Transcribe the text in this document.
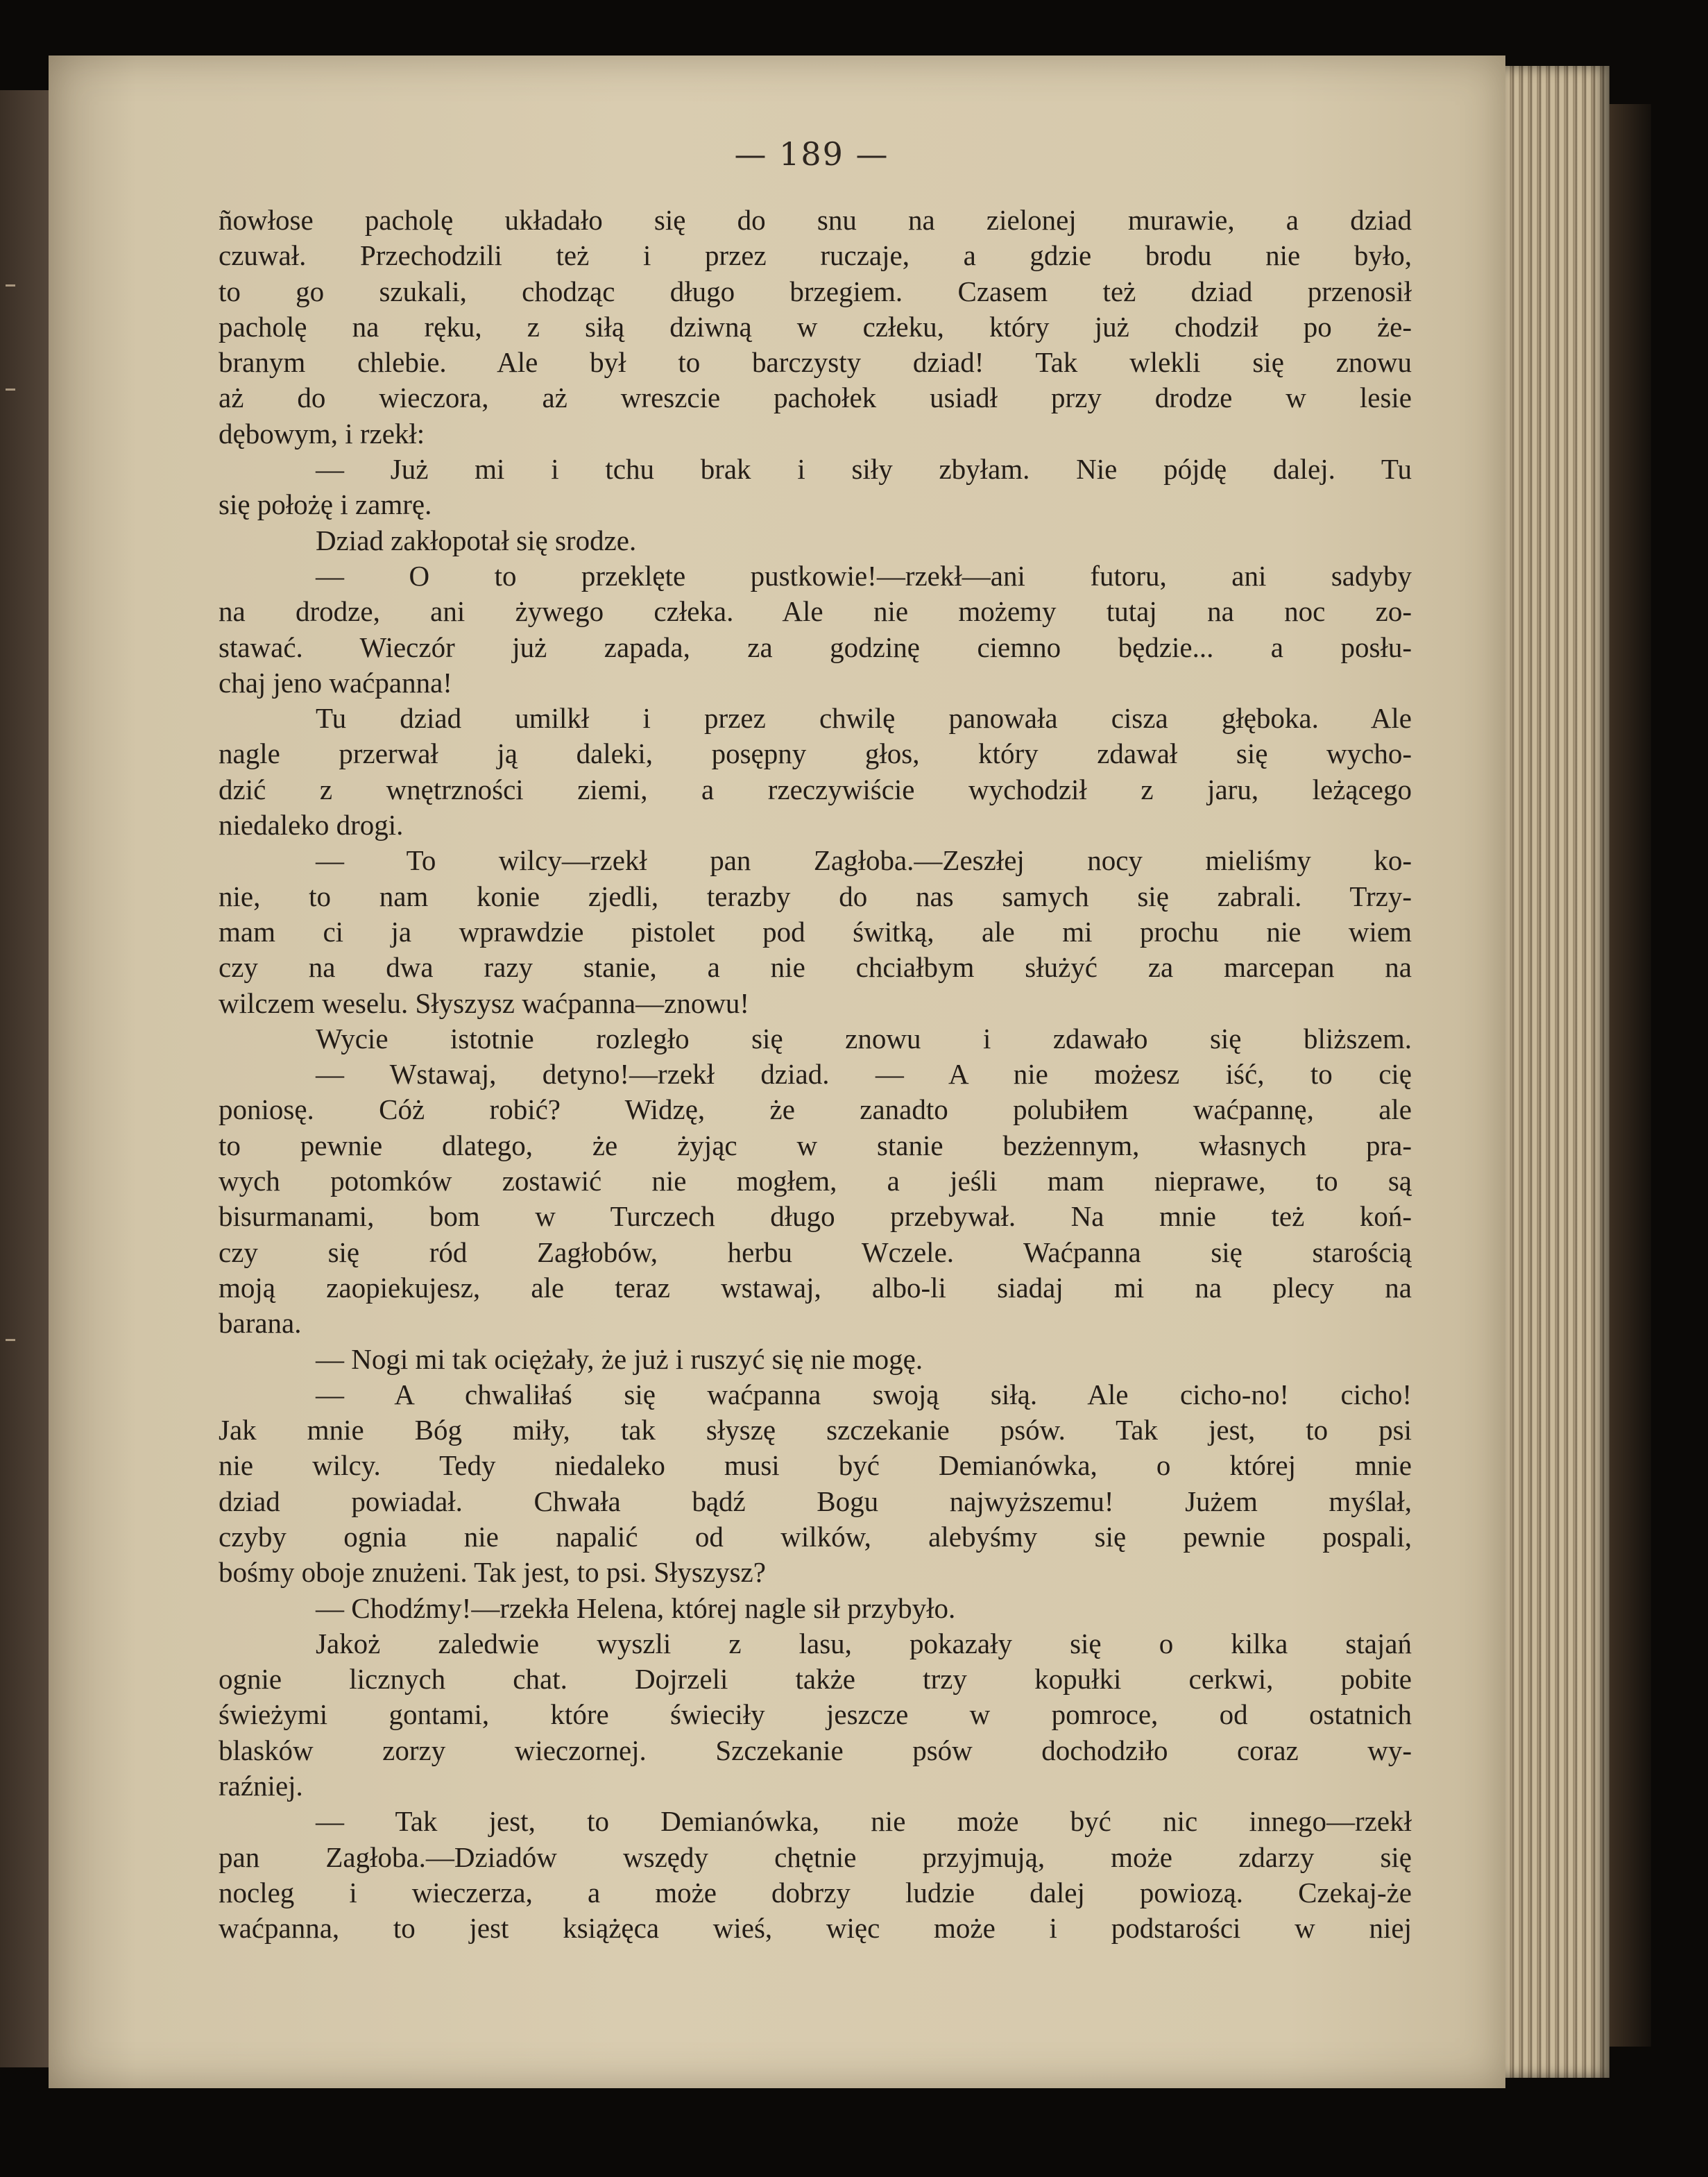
— 189 —
ñowłose pacholę układało się do snu na zielonej murawie, a dziad
czuwał. Przechodzili też i przez ruczaje, a gdzie brodu nie było,
to go szukali, chodząc długo brzegiem. Czasem też dziad przenosił
pacholę na ręku, z siłą dziwną w człeku, który już chodził po że-
branym chlebie. Ale był to barczysty dziad! Tak wlekli się znowu
aż do wieczora, aż wreszcie pachołek usiadł przy drodze w lesie
dębowym, i rzekł:
— Już mi i tchu brak i siły zbyłam. Nie pójdę dalej. Tu
się położę i zamrę.
Dziad zakłopotał się srodze.
— O to przeklęte pustkowie!—rzekł—ani futoru, ani sadyby
na drodze, ani żywego człeka. Ale nie możemy tutaj na noc zo-
stawać. Wieczór już zapada, za godzinę ciemno będzie... a posłu-
chaj jeno waćpanna!
Tu dziad umilkł i przez chwilę panowała cisza głęboka. Ale
nagle przerwał ją daleki, posępny głos, który zdawał się wycho-
dzić z wnętrzności ziemi, a rzeczywiście wychodził z jaru, leżącego
niedaleko drogi.
— To wilcy—rzekł pan Zagłoba.—Zeszłej nocy mieliśmy ko-
nie, to nam konie zjedli, terazby do nas samych się zabrali. Trzy-
mam ci ja wprawdzie pistolet pod świtką, ale mi prochu nie wiem
czy na dwa razy stanie, a nie chciałbym służyć za marcepan na
wilczem weselu. Słyszysz waćpanna—znowu!
Wycie istotnie rozległo się znowu i zdawało się bliższem.
— Wstawaj, detyno!—rzekł dziad. — A nie możesz iść, to cię
poniosę. Cóż robić? Widzę, że zanadto polubiłem waćpannę, ale
to pewnie dlatego, że żyjąc w stanie bezżennym, własnych pra-
wych potomków zostawić nie mogłem, a jeśli mam nieprawe, to są
bisurmanami, bom w Turczech długo przebywał. Na mnie też koń-
czy się ród Zagłobów, herbu Wczele. Waćpanna się starością
moją zaopiekujesz, ale teraz wstawaj, albo-li siadaj mi na plecy na
barana.
— Nogi mi tak ociężały, że już i ruszyć się nie mogę.
— A chwaliłaś się waćpanna swoją siłą. Ale cicho-no! cicho!
Jak mnie Bóg miły, tak słyszę szczekanie psów. Tak jest, to psi
nie wilcy. Tedy niedaleko musi być Demianówka, o której mnie
dziad powiadał. Chwała bądź Bogu najwyższemu! Jużem myślał,
czyby ognia nie napalić od wilków, alebyśmy się pewnie pospali,
bośmy oboje znużeni. Tak jest, to psi. Słyszysz?
— Chodźmy!—rzekła Helena, której nagle sił przybyło.
Jakoż zaledwie wyszli z lasu, pokazały się o kilka stajań
ognie licznych chat. Dojrzeli także trzy kopułki cerkwi, pobite
świeżymi gontami, które świeciły jeszcze w pomroce, od ostatnich
blasków zorzy wieczornej. Szczekanie psów dochodziło coraz wy-
raźniej.
— Tak jest, to Demianówka, nie może być nic innego—rzekł
pan Zagłoba.—Dziadów wszędy chętnie przyjmują, może zdarzy się
nocleg i wieczerza, a może dobrzy ludzie dalej powiozą. Czekaj-że
waćpanna, to jest książęca wieś, więc może i podstarości w niej
